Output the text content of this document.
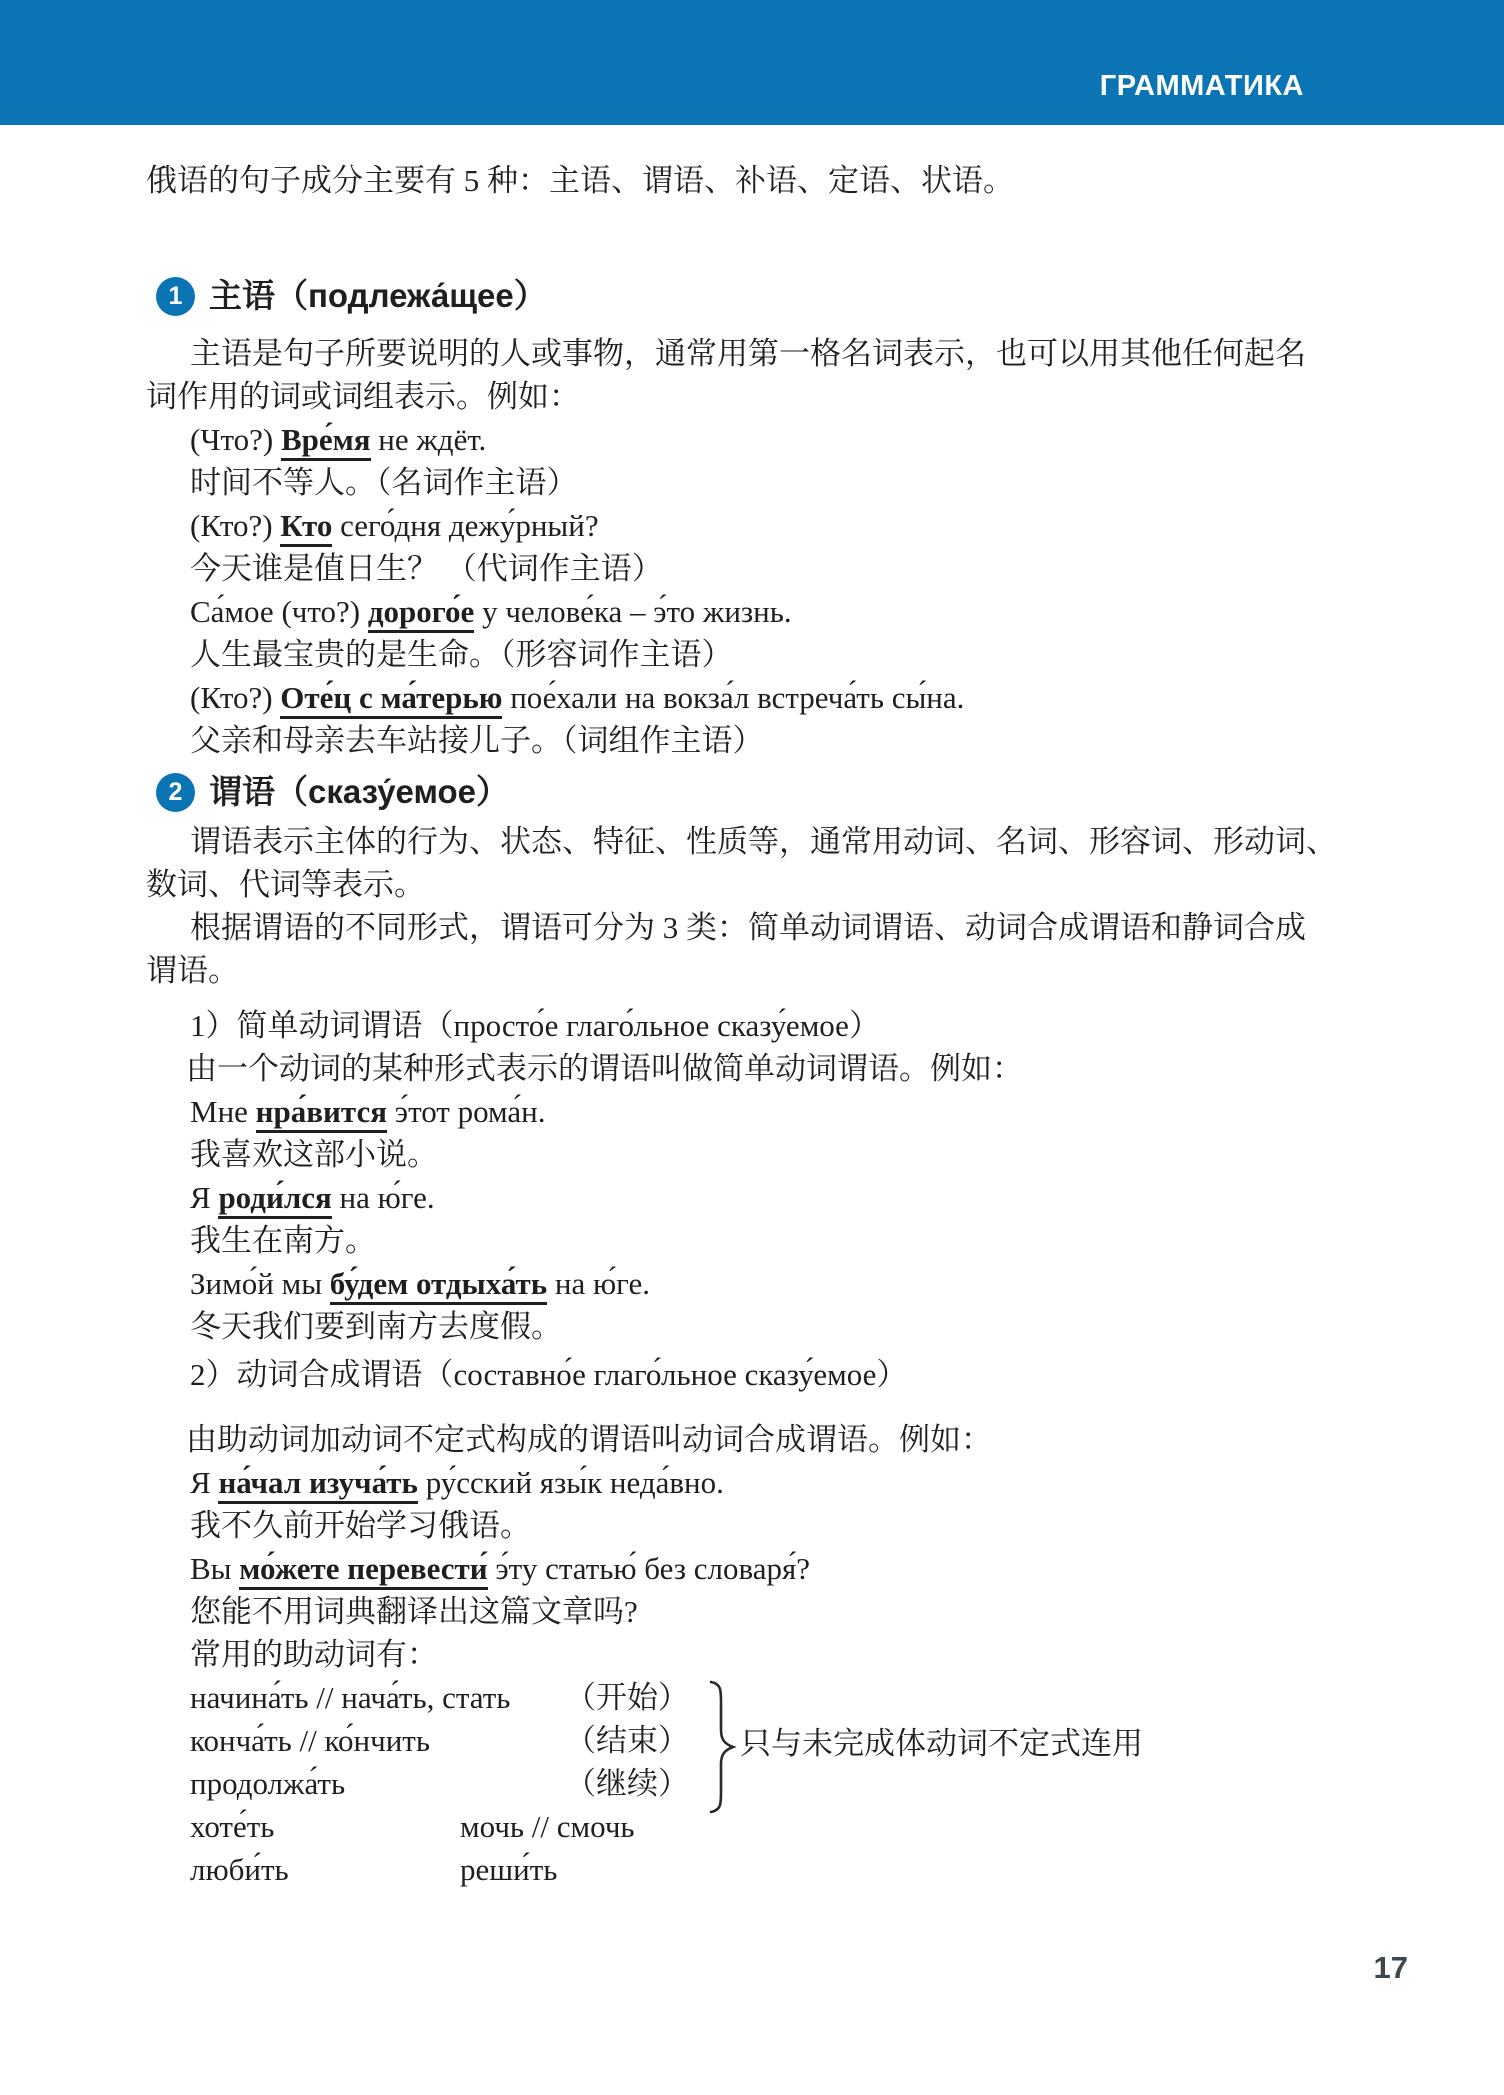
ГРАММАТИКА

俄语的句子成分主要有 5 种：主语、谓语、补语、定语、状语。

1 主语（подлежа́щее）

主语是句子所要说明的人或事物，通常用第一格名词表示，也可以用其他任何起名

词作用的词或词组表示。例如：

(Что?) Вре́мя не ждёт.

时间不等人。（名词作主语）

(Кто?) Кто сего́дня дежу́рный?

今天谁是值日生？ （代词作主语）

Са́мое (что?) дорого́е у челове́ка – э́то жизнь.

人生最宝贵的是生命。（形容词作主语）

(Кто?) Оте́ц с ма́терью пое́хали на вокза́л встреча́ть сы́на.

父亲和母亲去车站接儿子。（词组作主语）

2 谓语（сказу́емое）

谓语表示主体的行为、状态、特征、性质等，通常用动词、名词、形容词、形动词、

数词、代词等表示。

根据谓语的不同形式，谓语可分为 3 类：简单动词谓语、动词合成谓语和静词合成

谓语。

1）简单动词谓语（просто́е глаго́льное сказу́емое）

由一个动词的某种形式表示的谓语叫做简单动词谓语。例如：

Мне нра́вится э́тот рома́н.

我喜欢这部小说。

Я роди́лся на ю́ге.

我生在南方。

Зимо́й мы бу́дем отдыха́ть на ю́ге.

冬天我们要到南方去度假。

2）动词合成谓语（составно́е глаго́льное сказу́емое）

由助动词加动词不定式构成的谓语叫动词合成谓语。例如：

Я на́чал изуча́ть ру́сский язы́к неда́вно.

我不久前开始学习俄语。

Вы мо́жете перевести́ э́ту статью́ без словаря́?

您能不用词典翻译出这篇文章吗?

常用的助动词有：

начина́ть // нача́ть, стать	（开始）
конча́ть // ко́нчить	（结束）
продолжа́ть	（继续）
хоте́ть	мочь // смочь
люби́ть	реши́ть
只与未完成体动词不定式连用
17
